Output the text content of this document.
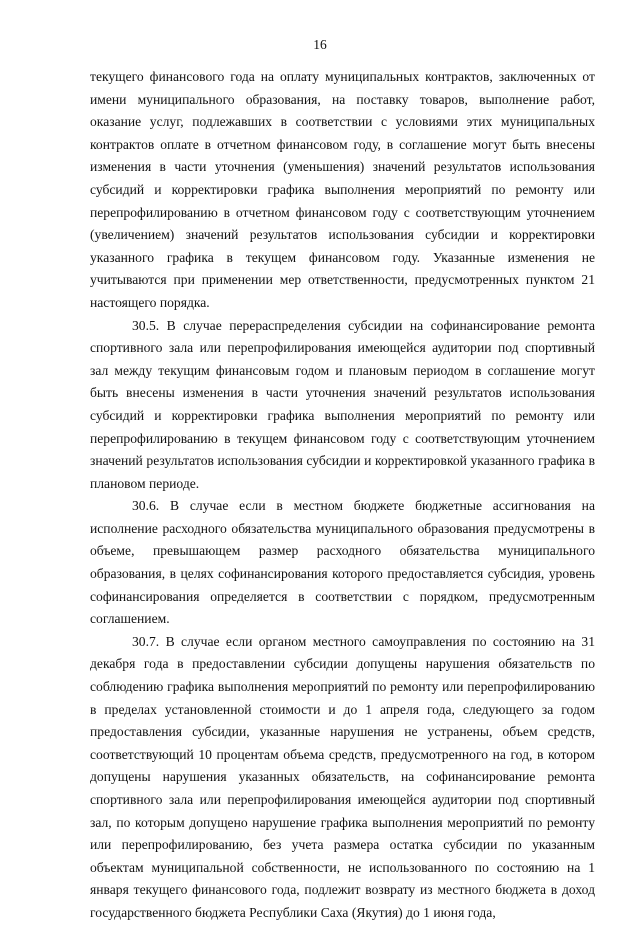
16

текущего финансового года на оплату муниципальных контрактов, заключенных от имени муниципального образования, на поставку товаров, выполнение работ, оказание услуг, подлежавших в соответствии с условиями этих муниципальных контрактов оплате в отчетном финансовом году, в соглашение могут быть внесены изменения в части уточнения (уменьшения) значений результатов использования субсидий и корректировки графика выполнения мероприятий по ремонту или перепрофилированию в отчетном финансовом году с соответствующим уточнением (увеличением) значений результатов использования субсидии и корректировки указанного графика в текущем финансовом году. Указанные изменения не учитываются при применении мер ответственности, предусмотренных пунктом 21 настоящего порядка.

30.5. В случае перераспределения субсидии на софинансирование ремонта спортивного зала или перепрофилирования имеющейся аудитории под спортивный зал между текущим финансовым годом и плановым периодом в соглашение могут быть внесены изменения в части уточнения значений результатов использования субсидий и корректировки графика выполнения мероприятий по ремонту или перепрофилированию в текущем финансовом году с соответствующим уточнением значений результатов использования субсидии и корректировкой указанного графика в плановом периоде.

30.6. В случае если в местном бюджете бюджетные ассигнования на исполнение расходного обязательства муниципального образования предусмотрены в объеме, превышающем размер расходного обязательства муниципального образования, в целях софинансирования которого предоставляется субсидия, уровень софинансирования определяется в соответствии с порядком, предусмотренным соглашением.

30.7. В случае если органом местного самоуправления по состоянию на 31 декабря года в предоставлении субсидии допущены нарушения обязательств по соблюдению графика выполнения мероприятий по ремонту или перепрофилированию в пределах установленной стоимости и до 1 апреля года, следующего за годом предоставления субсидии, указанные нарушения не устранены, объем средств, соответствующий 10 процентам объема средств, предусмотренного на год, в котором допущены нарушения указанных обязательств, на софинансирование ремонта спортивного зала или перепрофилирования имеющейся аудитории под спортивный зал, по которым допущено нарушение графика выполнения мероприятий по ремонту или перепрофилированию, без учета размера остатка субсидии по указанным объектам муниципальной собственности, не использованного по состоянию на 1 января текущего финансового года, подлежит возврату из местного бюджета в доход государственного бюджета Республики Саха (Якутия) до 1 июня года,
